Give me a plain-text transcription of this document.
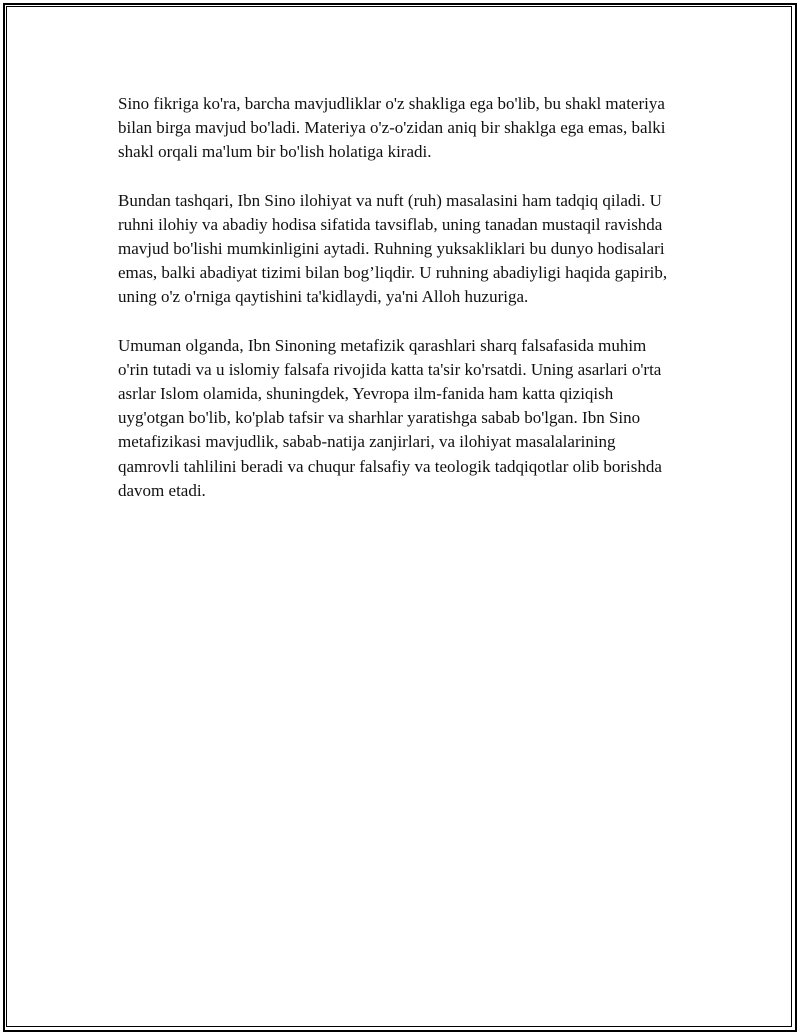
Sino fikriga ko'ra, barcha mavjudliklar o'z shakliga ega bo'lib, bu shakl materiya bilan birga mavjud bo'ladi. Materiya o'z-o'zidan aniq bir shaklga ega emas, balki shakl orqali ma'lum bir bo'lish holatiga kiradi.

Bundan tashqari, Ibn Sino ilohiyat va nuft (ruh) masalasini ham tadqiq qiladi. U ruhni ilohiy va abadiy hodisa sifatida tavsiflab, uning tanadan mustaqil ravishda mavjud bo'lishi mumkinligini aytadi. Ruhning yuksakliklari bu dunyo hodisalari emas, balki abadiyat tizimi bilan bog’liqdir. U ruhning abadiyligi haqida gapirib, uning o'z o'rniga qaytishini ta'kidlaydi, ya'ni Alloh huzuriga.

Umuman olganda, Ibn Sinoning metafizik qarashlari sharq falsafasida muhim o'rin tutadi va u islomiy falsafa rivojida katta ta'sir ko'rsatdi. Uning asarlari o'rta asrlar Islom olamida, shuningdek, Yevropa ilm-fanida ham katta qiziqish uyg'otgan bo'lib, ko'plab tafsir va sharhlar yaratishga sabab bo'lgan. Ibn Sino metafizikasi mavjudlik, sabab-natija zanjirlari, va ilohiyat masalalarining qamrovli tahlilini beradi va chuqur falsafiy va teologik tadqiqotlar olib borishda davom etadi.
